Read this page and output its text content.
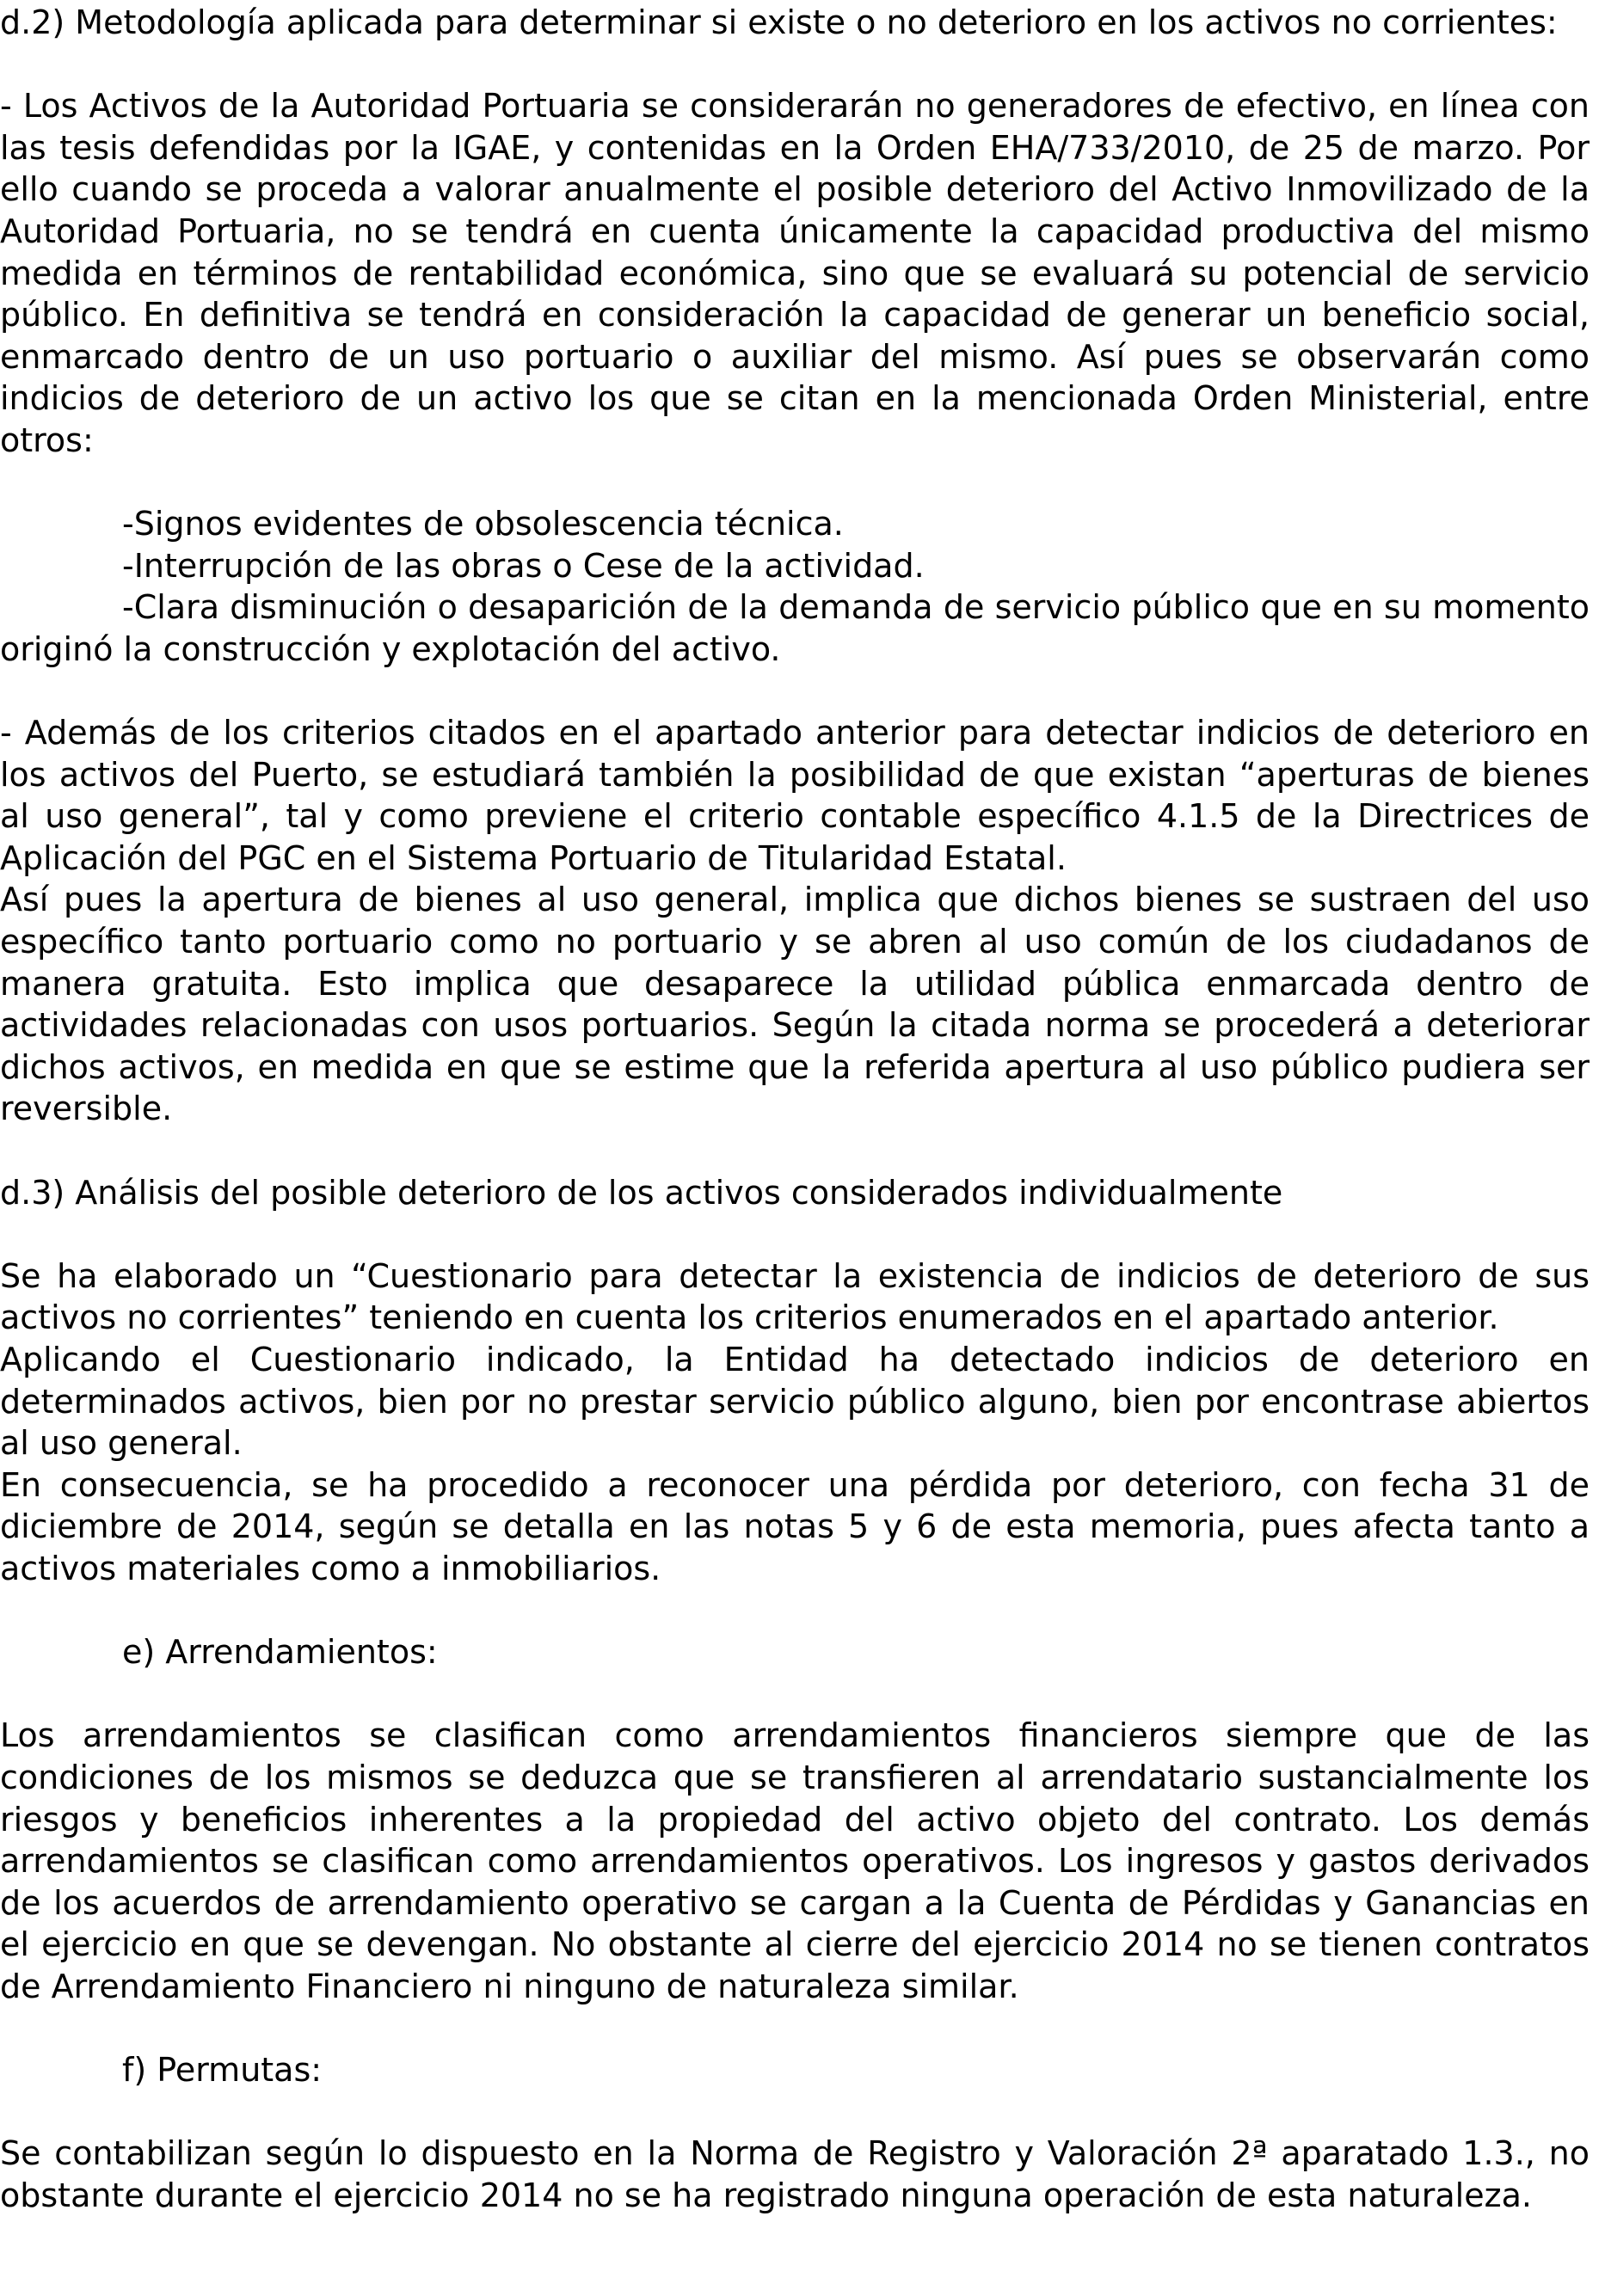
d.2) Metodología aplicada para determinar si existe o no deterioro en los activos no corrientes:

- Los Activos de la Autoridad Portuaria se considerarán no generadores de efectivo, en línea con las tesis defendidas por la IGAE, y contenidas en la Orden EHA/733/2010, de 25 de marzo. Por ello cuando se proceda a valorar anualmente el posible deterioro del Activo Inmovilizado de la Autoridad Portuaria, no se tendrá en cuenta únicamente la capacidad productiva del mismo medida en términos de rentabilidad económica, sino que se evaluará su potencial de servicio público. En definitiva se tendrá en consideración la capacidad de generar un beneficio social, enmarcado dentro de un uso portuario o auxiliar del mismo. Así pues se observarán como indicios de deterioro de un activo los que se citan en la mencionada Orden Ministerial, entre otros:

-Signos evidentes de obsolescencia técnica.

-Interrupción de las obras o Cese de la actividad.

-Clara disminución o desaparición de la demanda de servicio público que en su momento originó la construcción y explotación del activo.

- Además de los criterios citados en el apartado anterior para detectar indicios de deterioro en los activos del Puerto, se estudiará también la posibilidad de que existan “aperturas de bienes al uso general”, tal y como previene el criterio contable específico 4.1.5 de la Directrices de Aplicación del PGC en el Sistema Portuario de Titularidad Estatal.

Así pues la apertura de bienes al uso general, implica que dichos bienes se sustraen del uso específico tanto portuario como no portuario y se abren al uso común de los ciudadanos de manera gratuita. Esto implica que desaparece la utilidad pública enmarcada dentro de actividades relacionadas con usos portuarios. Según la citada norma se procederá a deteriorar dichos activos, en medida en que se estime que la referida apertura al uso público pudiera ser reversible.

d.3) Análisis del posible deterioro de los activos considerados individualmente

Se ha elaborado un “Cuestionario para detectar la existencia de indicios de deterioro de sus activos no corrientes” teniendo en cuenta los criterios enumerados en el apartado anterior.

Aplicando el Cuestionario indicado, la Entidad ha detectado indicios de deterioro en determinados activos, bien por no prestar servicio público alguno, bien por encontrase abiertos al uso general.

En consecuencia, se ha procedido a reconocer una pérdida por deterioro, con fecha 31 de diciembre de 2014, según se detalla en las notas 5 y 6 de esta memoria, pues afecta tanto a activos materiales como a inmobiliarios.

e) Arrendamientos:

Los arrendamientos se clasifican como arrendamientos financieros siempre que de las condiciones de los mismos se deduzca que se transfieren al arrendatario sustancialmente los riesgos y beneficios inherentes a la propiedad del activo objeto del contrato. Los demás arrendamientos se clasifican como arrendamientos operativos. Los ingresos y gastos derivados de los acuerdos de arrendamiento operativo se cargan a la Cuenta de Pérdidas y Ganancias en el ejercicio en que se devengan. No obstante al cierre del ejercicio 2014 no se tienen contratos de Arrendamiento Financiero ni ninguno de naturaleza similar.

f) Permutas:

Se contabilizan según lo dispuesto en la Norma de Registro y Valoración 2ª aparatado 1.3., no obstante durante el ejercicio 2014 no se ha registrado ninguna operación de esta naturaleza.
